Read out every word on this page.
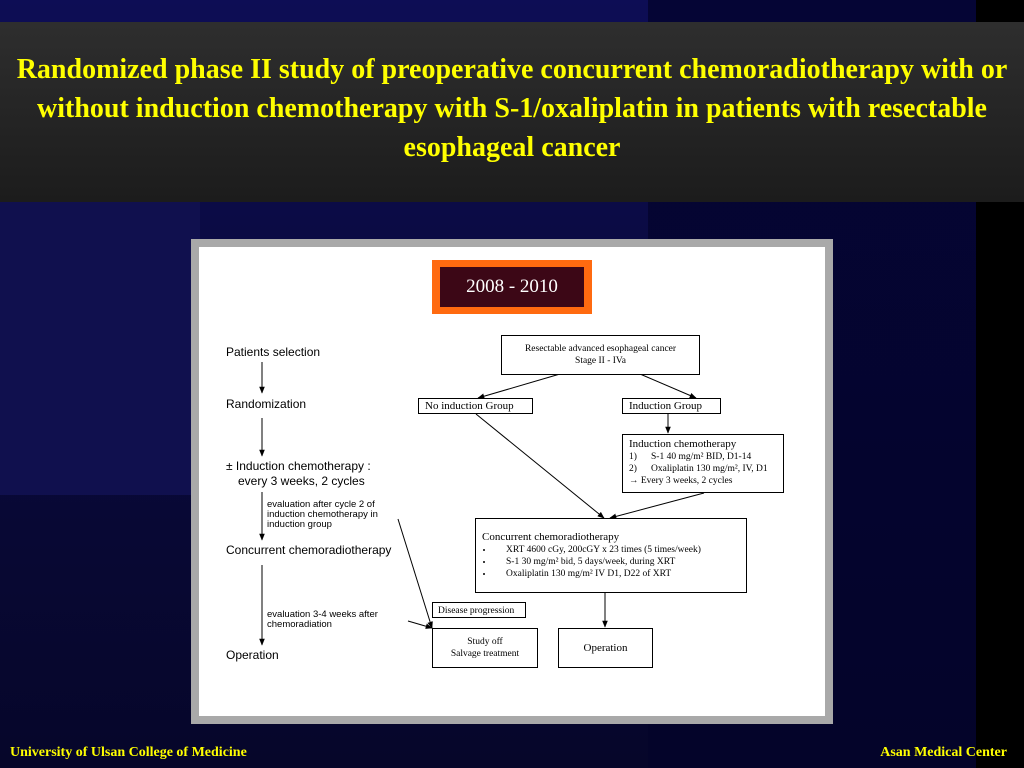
Randomized phase II study of preoperative concurrent chemoradiotherapy with or without induction chemotherapy with S-1/oxaliplatin in patients with resectable esophageal cancer
2008 - 2010
Patients selection
Randomization
± Induction chemotherapy :
every 3 weeks, 2 cycles
evaluation after cycle 2 of
induction chemotherapy in
induction group
Concurrent chemoradiotherapy
evaluation 3-4 weeks after
chemoradiation
Operation
Resectable advanced esophageal cancer
Stage II - IVa
No induction Group	Induction Group
Induction chemotherapy
1) S-1 40 mg/m² BID, D1-14
2) Oxaliplatin 130 mg/m², IV, D1
→ Every 3 weeks, 2 cycles
Concurrent chemoradiotherapy
• XRT 4600 cGy, 200cGY x 23 times (5 times/week)
• S-1 30 mg/m² bid, 5 days/week, during XRT
• Oxaliplatin 130 mg/m² IV D1, D22 of XRT
Disease progression
Study off
Salvage treatment	Operation
University of Ulsan College of Medicine	Asan Medical Center
